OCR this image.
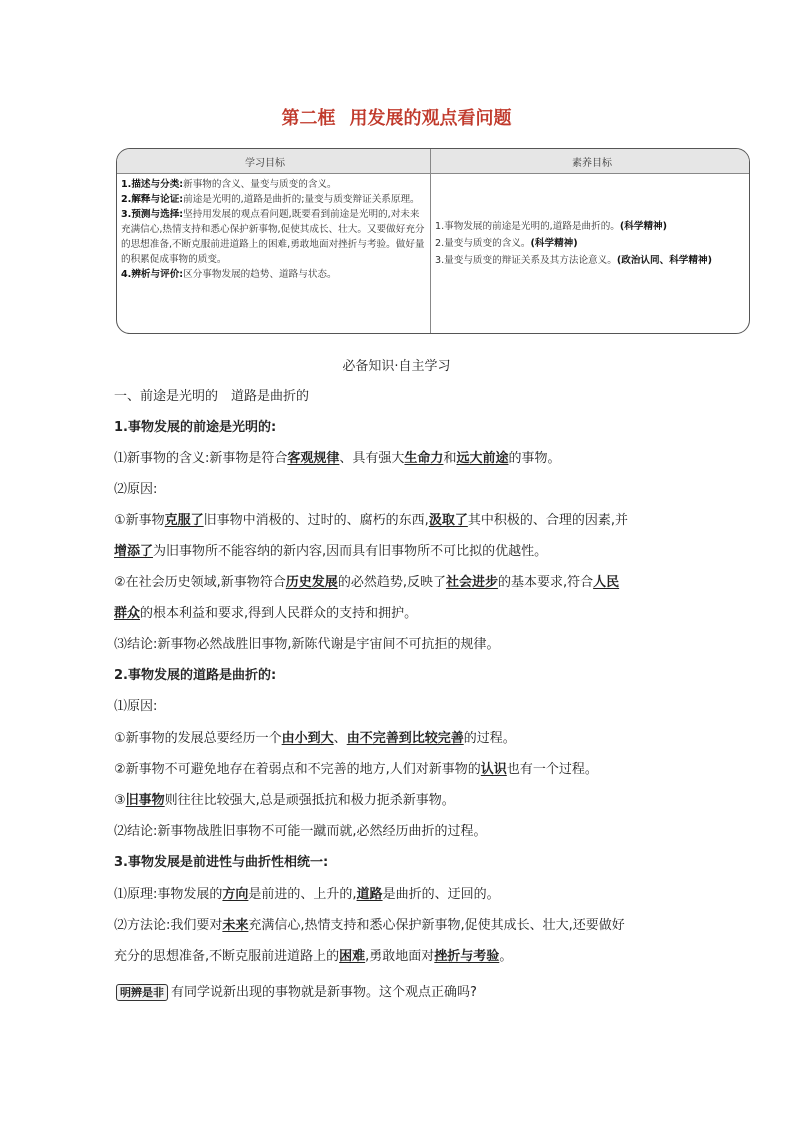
第二框 用发展的观点看问题
学习目标	素养目标
1.描述与分类:新事物的含义、量变与质变的含义。
2.解释与论证:前途是光明的,道路是曲折的;量变与质变辩证关系原理。
3.预测与选择:坚持用发展的观点看问题,既要看到前途是光明的,对未来充满信心,热情支持和悉心保护新事物,促使其成长、壮大。又要做好充分的思想准备,不断克服前进道路上的困难,勇敢地面对挫折与考验。做好量的积累促成事物的质变。
4.辨析与评价:区分事物发展的趋势、道路与状态。
1.事物发展的前途是光明的,道路是曲折的。(科学精神)
2.量变与质变的含义。(科学精神)
3.量变与质变的辩证关系及其方法论意义。(政治认同、科学精神)
必备知识·自主学习
一、前途是光明的　道路是曲折的
1.事物发展的前途是光明的:
⑴新事物的含义:新事物是符合客观规律、具有强大生命力和远大前途的事物。
⑵原因:
①新事物克服了旧事物中消极的、过时的、腐朽的东西,汲取了其中积极的、合理的因素,并
增添了为旧事物所不能容纳的新内容,因而具有旧事物所不可比拟的优越性。
②在社会历史领域,新事物符合历史发展的必然趋势,反映了社会进步的基本要求,符合人民
群众的根本利益和要求,得到人民群众的支持和拥护。
⑶结论:新事物必然战胜旧事物,新陈代谢是宇宙间不可抗拒的规律。
2.事物发展的道路是曲折的:
⑴原因:
①新事物的发展总要经历一个由小到大、由不完善到比较完善的过程。
②新事物不可避免地存在着弱点和不完善的地方,人们对新事物的认识也有一个过程。
③旧事物则往往比较强大,总是顽强抵抗和极力扼杀新事物。
⑵结论:新事物战胜旧事物不可能一蹴而就,必然经历曲折的过程。
3.事物发展是前进性与曲折性相统一:
⑴原理:事物发展的方向是前进的、上升的,道路是曲折的、迂回的。
⑵方法论:我们要对未来充满信心,热情支持和悉心保护新事物,促使其成长、壮大,还要做好
充分的思想准备,不断克服前进道路上的困难,勇敢地面对挫折与考验。
明辨是非 有同学说新出现的事物就是新事物。这个观点正确吗?
